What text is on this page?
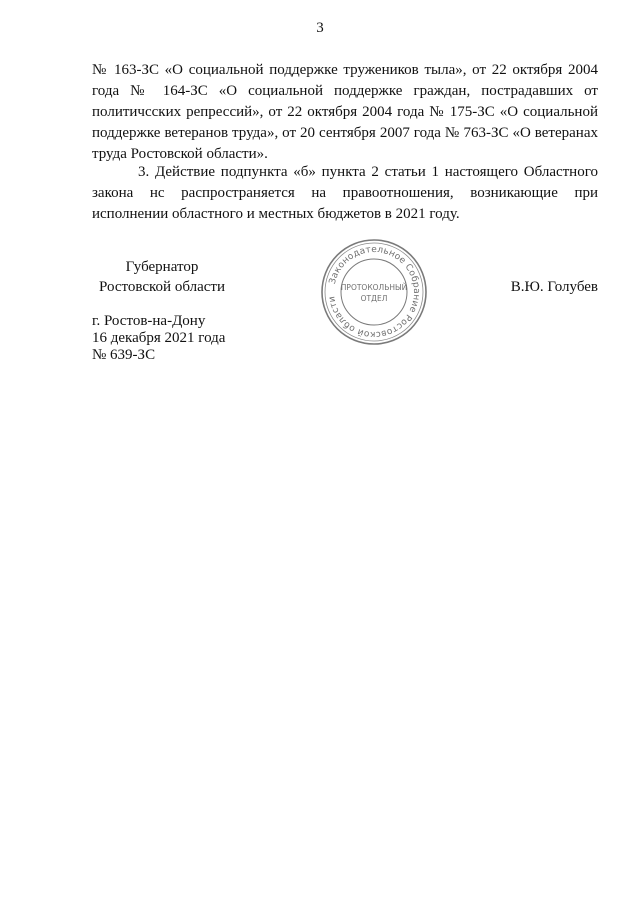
3
№ 163-ЗС «О социальной поддержке тружеников тыла», от 22 октября 2004 года № 164-ЗС «О социальной поддержке граждан, пострадавших от политичсских репрессий», от 22 октября 2004 года № 175-ЗС «О социальной поддержке ветеранов труда», от 20 сентября 2007 года № 763-ЗС «О ветеранах труда Ростовской области».
3. Действие подпункта «б» пункта 2 статьи 1 настоящего Областного закона нс распространяется на правоотношения, возникающие при исполнении областного и местных бюджетов в 2021 году.
Губернатор
Ростовской области	Законодательное Собрание Ростовской области
ПРОТОКОЛЬНЫЙ
ОТДЕЛ
В.Ю. Голубев
г. Ростов-на-Дону
16 декабря 2021 года
№ 639-ЗС
